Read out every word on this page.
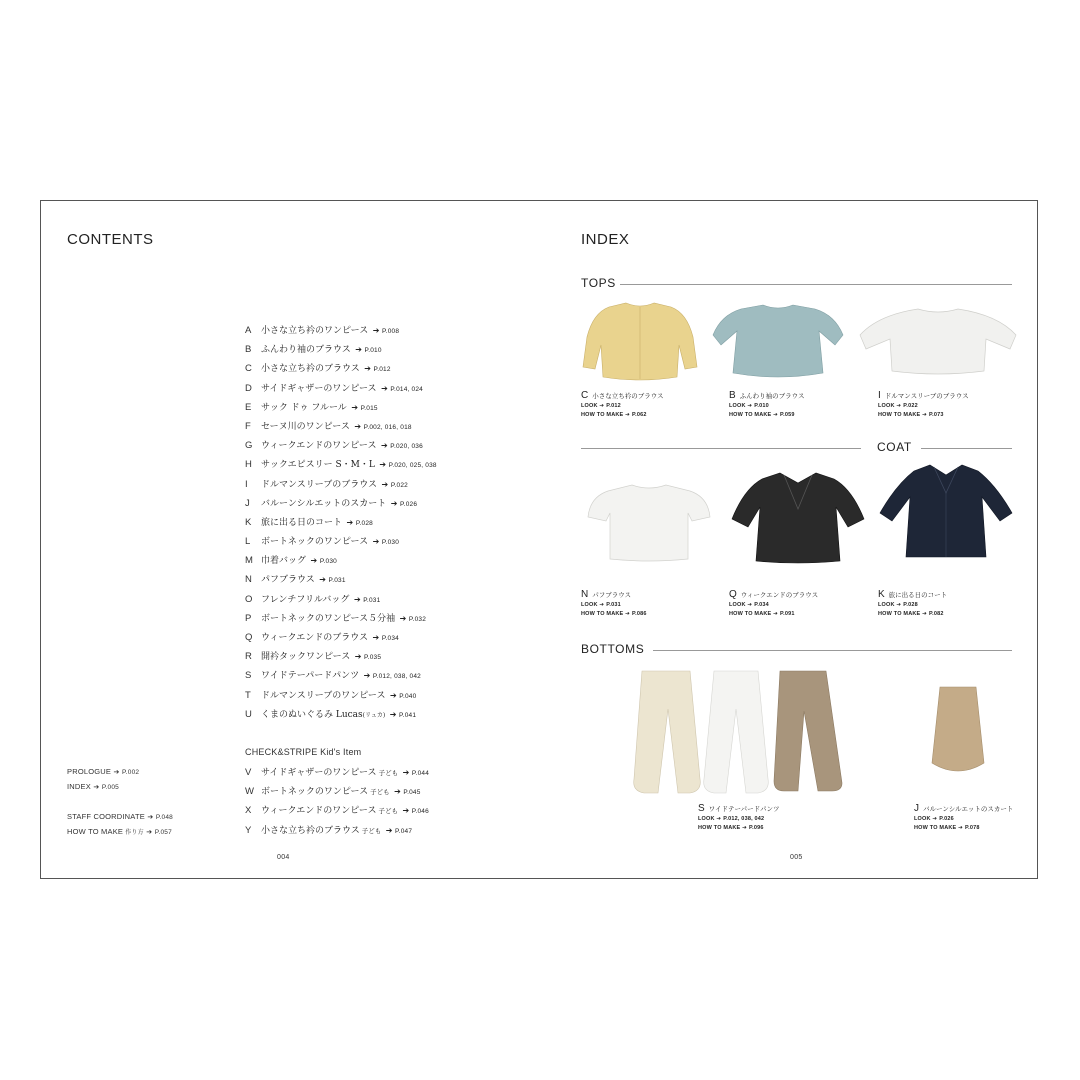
CONTENTS
A 小さな立ち衿のワンピース ➔ P.008
B ふんわり袖のブラウス ➔ P.010
C 小さな立ち衿のブラウス ➔ P.012
D サイドギャザーのワンピース ➔ P.014, 024
E サック ドゥ フルール ➔ P.015
F セーヌ川のワンピース ➔ P.002, 016, 018
G ウィークエンドのワンピース ➔ P.020, 036
H サックエピスリー S・M・L ➔ P.020, 025, 038
I ドルマンスリーブのブラウス ➔ P.022
J バルーンシルエットのスカート ➔ P.026
K 旅に出る日のコート ➔ P.028
L ボートネックのワンピース ➔ P.030
M 巾着バッグ ➔ P.030
N パフブラウス ➔ P.031
O フレンチフリルバッグ ➔ P.031
P ボートネックのワンピース５分袖 ➔ P.032
Q ウィークエンドのブラウス ➔ P.034
R 開衿タックワンピース ➔ P.035
S ワイドテーパードパンツ ➔ P.012, 038, 042
T ドルマンスリーブのワンピース ➔ P.040
U くまのぬいぐるみ Lucas(リュカ) ➔ P.041
CHECK&STRIPE Kid's Item
V サイドギャザーのワンピース 子ども ➔ P.044
W ボートネックのワンピース 子ども ➔ P.045
X ウィークエンドのワンピース 子ども ➔ P.046
Y 小さな立ち衿のブラウス 子ども ➔ P.047
PROLOGUE ➔ P.002
INDEX ➔ P.005
STAFF COORDINATE ➔ P.048
HOW TO MAKE 作り方 ➔ P.057
004
INDEX
TOPS
COAT
BOTTOMS
C小さな立ち衿のブラウス
LOOK ➔ P.012
HOW TO MAKE ➔ P.062
Bふんわり袖のブラウス
LOOK ➔ P.010
HOW TO MAKE ➔ P.059
Iドルマンスリーブのブラウス
LOOK ➔ P.022
HOW TO MAKE ➔ P.073
Nパフブラウス
LOOK ➔ P.031
HOW TO MAKE ➔ P.086
Qウィークエンドのブラウス
LOOK ➔ P.034
HOW TO MAKE ➔ P.091
K旅に出る日のコート
LOOK ➔ P.028
HOW TO MAKE ➔ P.082
Sワイドテーパードパンツ
LOOK ➔ P.012, 038, 042
HOW TO MAKE ➔ P.096
Jバルーンシルエットのスカート
LOOK ➔ P.026
HOW TO MAKE ➔ P.078
005
